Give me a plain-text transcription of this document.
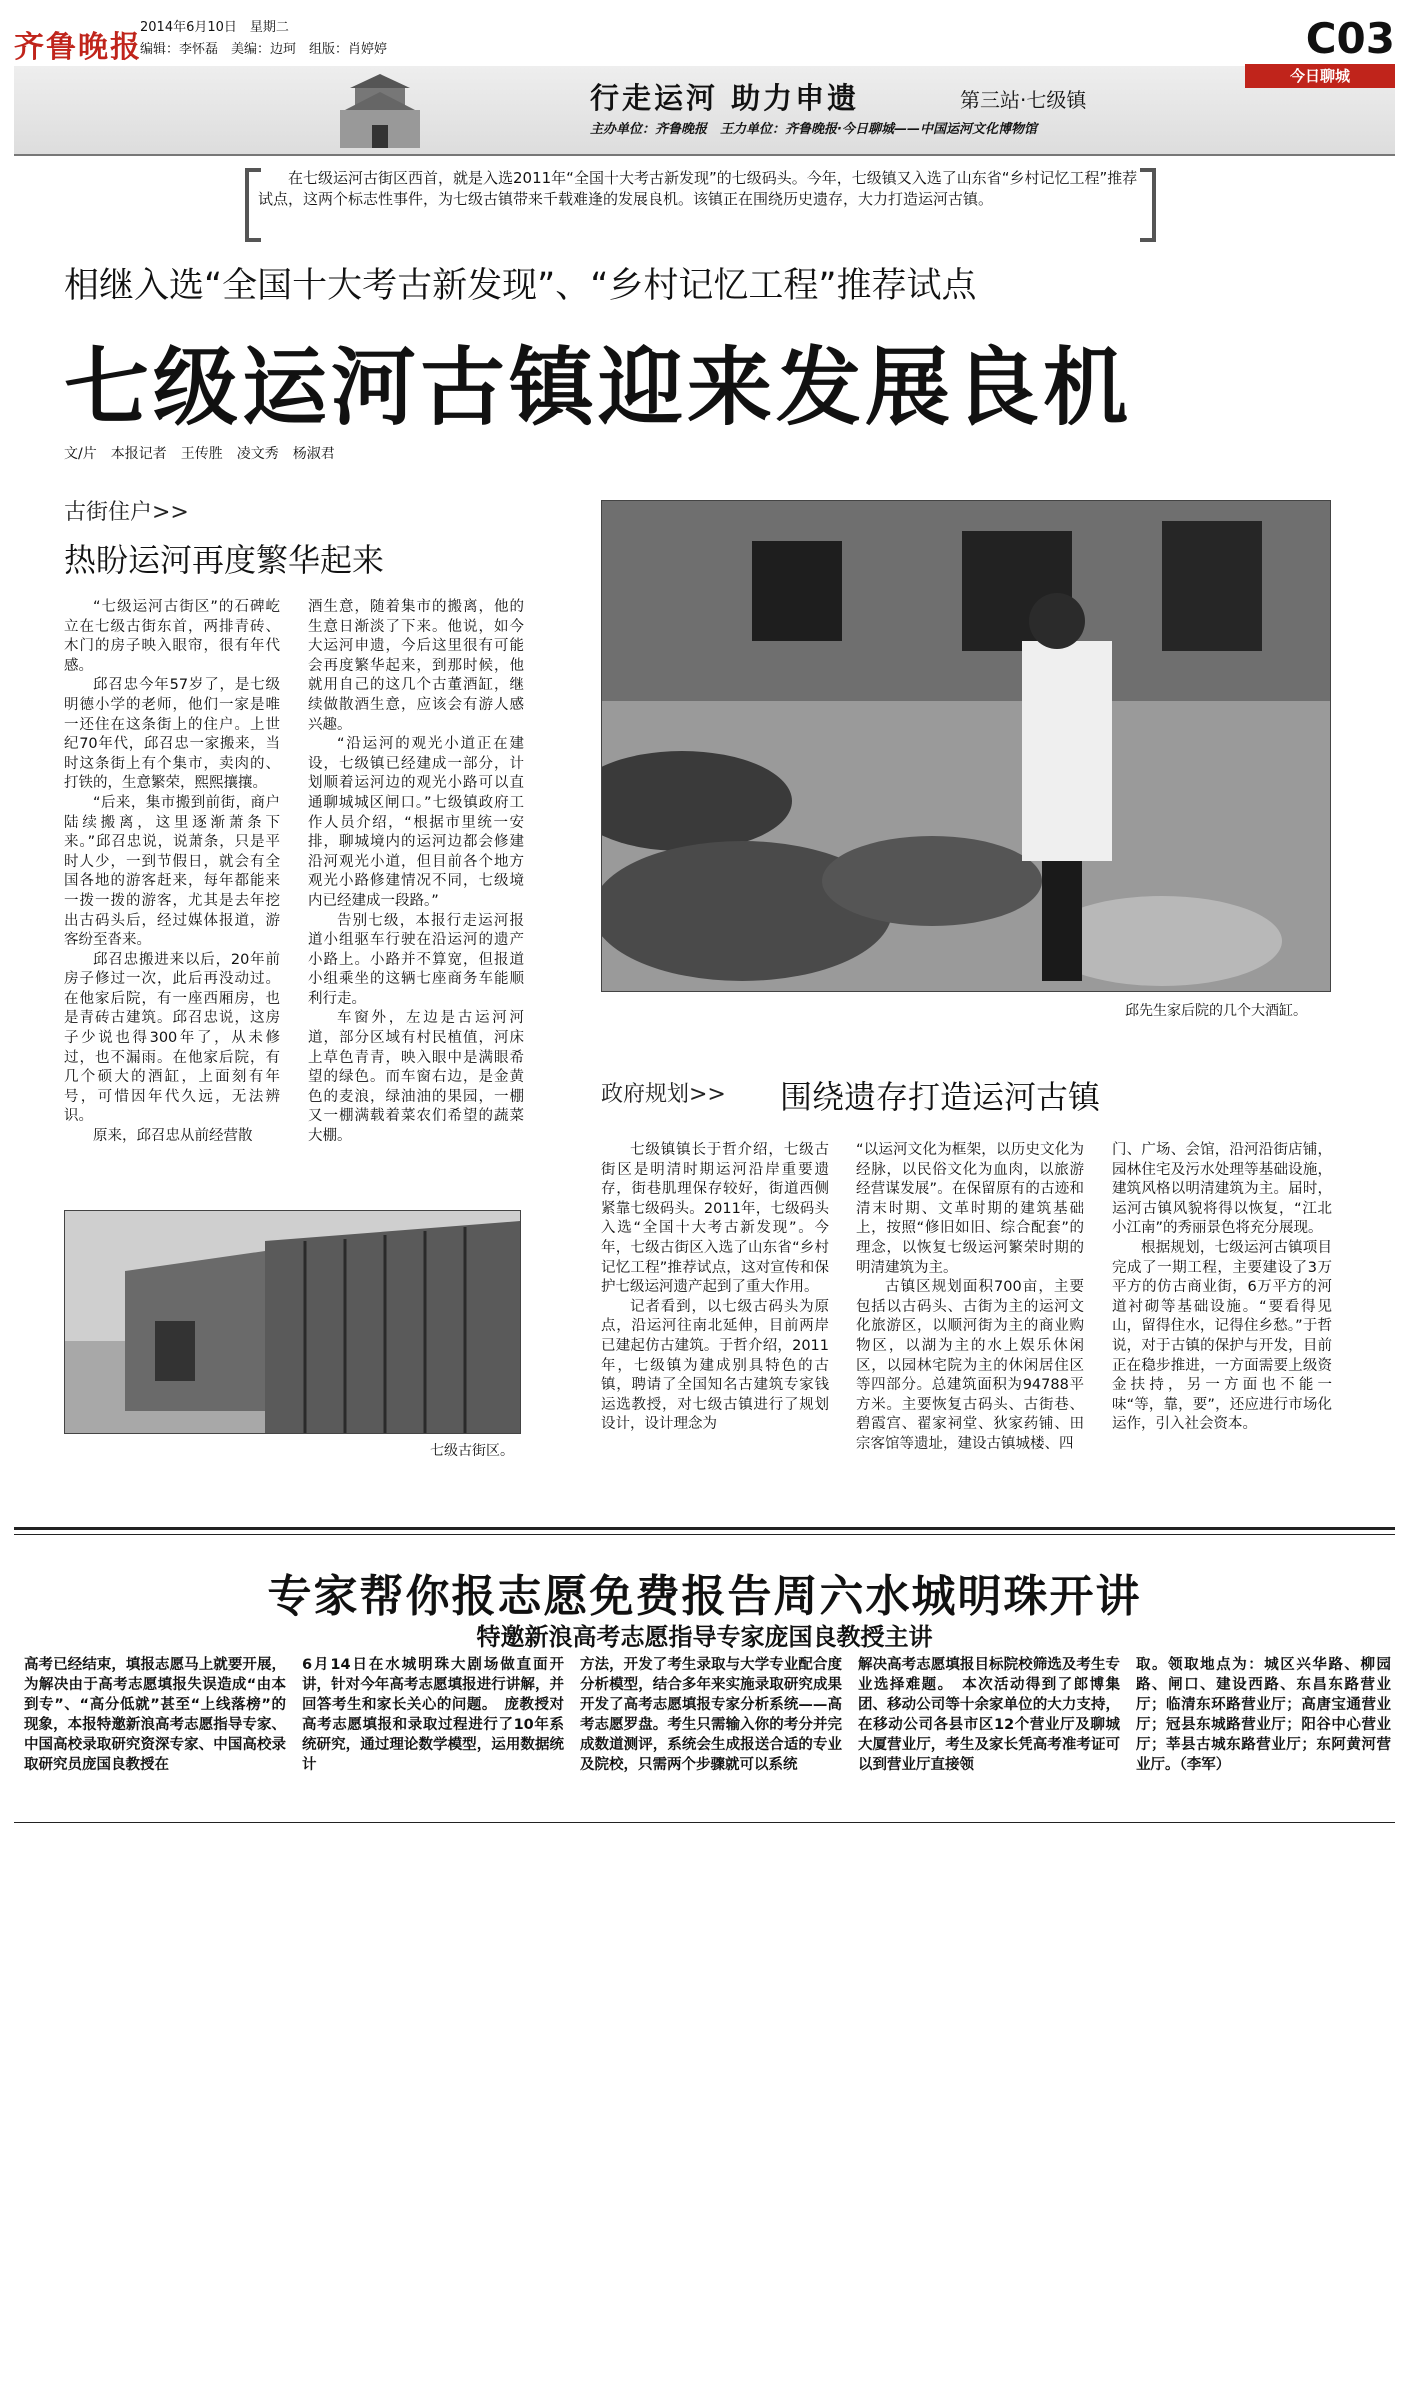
齐鲁晚报
2014年6月10日　星期二
编辑：李怀磊　美编：边珂　组版：肖婷婷	C03
今日聊城
行走运河 助力申遗	第三站·七级镇
主办单位：齐鲁晚报　王力单位：齐鲁晚报·今日聊城——中国运河文化博物馆
在七级运河古街区西首，就是入选2011年“全国十大考古新发现”的七级码头。今年，七级镇又入选了山东省“乡村记忆工程”推荐试点，这两个标志性事件，为七级古镇带来千载难逢的发展良机。该镇正在围绕历史遗存，大力打造运河古镇。
相继入选“全国十大考古新发现”、“乡村记忆工程”推荐试点
七级运河古镇迎来发展良机
文/片　本报记者　王传胜　凌文秀　杨淑君
古街住户>>
热盼运河再度繁华起来

“七级运河古街区”的石碑屹立在七级古街东首，两排青砖、木门的房子映入眼帘，很有年代感。

邱召忠今年57岁了，是七级明德小学的老师，他们一家是唯一还住在这条街上的住户。上世纪70年代，邱召忠一家搬来，当时这条街上有个集市，卖肉的、打铁的，生意繁荣，熙熙攘攘。

“后来，集市搬到前街，商户陆续搬离，这里逐渐萧条下来。”邱召忠说，说萧条，只是平时人少，一到节假日，就会有全国各地的游客赶来，每年都能来一拨一拨的游客，尤其是去年挖出古码头后，经过媒体报道，游客纷至沓来。

邱召忠搬进来以后，20年前房子修过一次，此后再没动过。在他家后院，有一座西厢房，也是青砖古建筑。邱召忠说，这房子少说也得300年了，从未修过，也不漏雨。在他家后院，有几个硕大的酒缸，上面刻有年号，可惜因年代久远，无法辨识。

原来，邱召忠从前经营散

酒生意，随着集市的搬离，他的生意日渐淡了下来。他说，如今大运河申遗，今后这里很有可能会再度繁华起来，到那时候，他就用自己的这几个古董酒缸，继续做散酒生意，应该会有游人感兴趣。

“沿运河的观光小道正在建设，七级镇已经建成一部分，计划顺着运河边的观光小路可以直通聊城城区闸口。”七级镇政府工作人员介绍，“根据市里统一安排，聊城境内的运河边都会修建沿河观光小道，但目前各个地方观光小路修建情况不同，七级境内已经建成一段路。”

告别七级，本报行走运河报道小组驱车行驶在沿运河的遗产小路上。小路并不算宽，但报道小组乘坐的这辆七座商务车能顺利行走。

车窗外，左边是古运河河道，部分区域有村民植值，河床上草色青青，映入眼中是满眼希望的绿色。而车窗右边，是金黄色的麦浪，绿油油的果园，一棚又一棚满载着菜农们希望的蔬菜大棚。

七级古街区。
邱先生家后院的几个大酒缸。
政府规划>> 围绕遗存打造运河古镇

七级镇镇长于哲介绍，七级古街区是明清时期运河沿岸重要遗存，街巷肌理保存较好，街道西侧紧靠七级码头。2011年，七级码头入选“全国十大考古新发现”。今年，七级古街区入选了山东省“乡村记忆工程”推荐试点，这对宣传和保护七级运河遗产起到了重大作用。

记者看到，以七级古码头为原点，沿运河往南北延伸，目前两岸已建起仿古建筑。于哲介绍，2011年，七级镇为建成别具特色的古镇，聘请了全国知名古建筑专家钱运选教授，对七级古镇进行了规划设计，设计理念为

“以运河文化为框架，以历史文化为经脉，以民俗文化为血肉，以旅游经营谋发展”。在保留原有的古迹和清末时期、文革时期的建筑基础上，按照“修旧如旧、综合配套”的理念，以恢复七级运河繁荣时期的明清建筑为主。

古镇区规划面积700亩，主要包括以古码头、古街为主的运河文化旅游区，以顺河街为主的商业购物区，以湖为主的水上娱乐休闲区，以园林宅院为主的休闲居住区等四部分。总建筑面积为94788平方米。主要恢复古码头、古街巷、碧霞宫、翟家祠堂、狄家药铺、田宗客馆等遗址，建设古镇城楼、四

门、广场、会馆，沿河沿街店铺，园林住宅及污水处理等基础设施，建筑风格以明清建筑为主。届时，运河古镇风貌将得以恢复，“江北小江南”的秀丽景色将充分展现。

根据规划，七级运河古镇项目完成了一期工程，主要建设了3万平方的仿古商业街，6万平方的河道衬砌等基础设施。“要看得见山，留得住水，记得住乡愁。”于哲说，对于古镇的保护与开发，目前正在稳步推进，一方面需要上级资金扶持，另一方面也不能一味“等，靠，要”，还应进行市场化运作，引入社会资本。

专家帮你报志愿免费报告周六水城明珠开讲
特邀新浪高考志愿指导专家庞国良教授主讲
高考已经结束，填报志愿马上就要开展，为解决由于高考志愿填报失误造成“由本到专”、“高分低就”甚至“上线落榜”的现象，本报特邀新浪高考志愿指导专家、中国高校录取研究资深专家、中国高校录取研究员庞国良教授在
6月14日在水城明珠大剧场做直面开讲，针对今年高考志愿填报进行讲解，并回答考生和家长关心的问题。　庞教授对高考志愿填报和录取过程进行了10年系统研究，通过理论数学模型，运用数据统计
方法，开发了考生录取与大学专业配合度分析模型，结合多年来实施录取研究成果开发了高考志愿填报专家分析系统——高考志愿罗盘。考生只需输入你的考分并完成数道测评，系统会生成报送合适的专业及院校，只需两个步骤就可以系统
解决高考志愿填报目标院校筛选及考生专业选择难题。　本次活动得到了郎博集团、移动公司等十余家单位的大力支持，在移动公司各县市区12个营业厅及聊城大厦营业厅，考生及家长凭高考准考证可以到营业厅直接领
取。领取地点为：城区兴华路、柳园路、闸口、建设西路、东昌东路营业厅；临清东环路营业厅；高唐宝通营业厅；冠县东城路营业厅；阳谷中心营业厅；莘县古城东路营业厅；东阿黄河营业厅。（李军）
